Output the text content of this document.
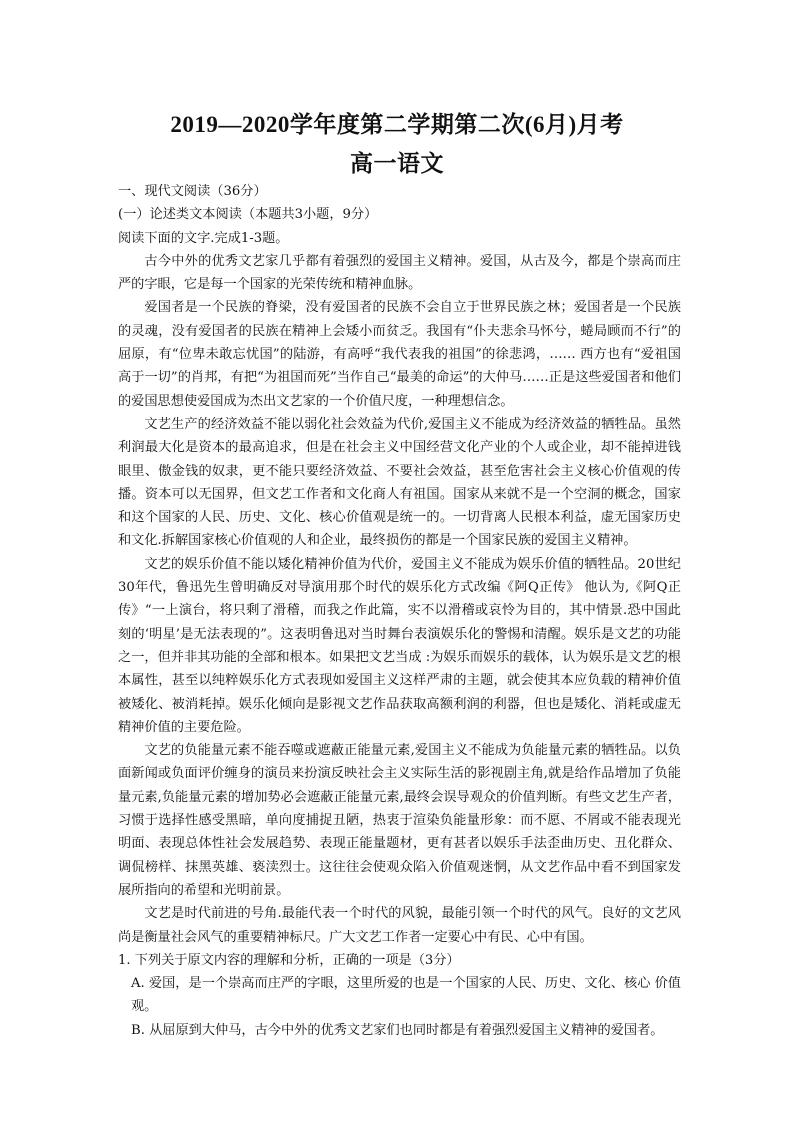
2019—2020学年度第二学期第二次(6月)月考
高一语文

一、现代文阅读（36分）

(一）论述类文本阅读（本题共3小题，9分）

阅读下面的文字.完成1-3题。

古今中外的优秀文艺家几乎都有着强烈的爱国主义精神。爱国，从古及今，都是个崇高而庄严的字眼，它是每一个国家的光荣传统和精神血脉。

爱国者是一个民族的脊梁，没有爱国者的民族不会自立于世界民族之林；爱国者是一个民族的灵魂，没有爱国者的民族在精神上会矮小而贫乏。我国有“仆夫悲余马怀兮，蜷局顾而不行”的屈原，有“位卑未敢忘忧国”的陆游，有高呼“我代表我的祖国”的徐悲鸿，…… 西方也有“爱祖国高于一切”的肖邦，有把“为祖国而死”当作自己“最美的命运”的大仲马……正是这些爱国者和他们的爱国思想使爱国成为杰出文艺家的一个价值尺度，一种理想信念。

文艺生产的经济效益不能以弱化社会效益为代价,爱国主义不能成为经济效益的牺牲品。虽然利润最大化是资本的最高追求，但是在社会主义中国经营文化产业的个人或企业，却不能掉进钱眼里、傲金钱的奴隶，更不能只要经济效益、不要社会效益，甚至危害社会主义核心价值观的传播。资本可以无国界，但文艺工作者和文化商人有祖国。国家从来就不是一个空洞的概念，国家和这个国家的人民、历史、文化、核心价值观是统一的。一切背离人民根本利益，虚无国家历史和文化.拆解国家核心价值观的人和企业，最终损伤的都是一个国家民族的爱国主义精神。

文艺的娱乐价值不能以矮化精神价值为代价，爱国主义不能成为娱乐价值的牺牲品。20世纪30年代，鲁迅先生曾明确反对导演用那个时代的娱乐化方式改编《阿Q正传》 他认为,《阿Q正传》“一上演台，将只剩了滑稽，而我之作此篇，实不以滑稽或哀怜为目的，其中情景.恐中国此刻的‘明星’是无法表现的”。这表明鲁迅对当时舞台表演娱乐化的警惕和清醒。娱乐是文艺的功能之一，但并非其功能的全部和根本。如果把文艺当成 :为娱乐而娱乐的载体，认为娱乐是文艺的根本属性，甚至以纯粹娱乐化方式表现如爱国主义这样严肃的主题，就会使其本应负载的精神价值被矮化、被消耗掉。娱乐化倾向是影视文艺作品获取高额利润的利器，但也是矮化、消耗或虚无精神价值的主要危险。

文艺的负能量元素不能吞噬或遮蔽正能量元素,爱国主义不能成为负能量元素的牺牲品。以负面新闻或负面评价缠身的演员来扮演反映社会主义实际生活的影视剧主角,就是给作品增加了负能量元素,负能量元素的增加势必会遮蔽正能量元素,最终会误导观众的价值判断。有些文艺生产者，习惯于选择性感受黑暗，单向度捕捉丑陋，热衷于渲染负能量形象：而不愿、不屑或不能表现光明面、表现总体性社会发展趋势、表现正能量题材，更有甚者以娱乐手法歪曲历史、丑化群众、调侃榜样、抹黑英雄、亵渎烈士。这往往会使观众陷入价值观迷惘，从文艺作品中看不到国家发展所指向的希望和光明前景。

文艺是时代前进的号角.最能代表一个时代的风貌，最能引领一个时代的风气。良好的文艺风尚是衡量社会风气的重要精神标尺。广大文艺工作者一定要心中有民、心中有国。

1. 下列关于原文内容的理解和分析，正确的一项是（3分）

A. 爱国，是一个崇高而庄严的字眼，这里所爱的也是一个国家的人民、历史、文化、核心 价值观。

B. 从屈原到大仲马，古今中外的优秀文艺家们也同时都是有着强烈爱国主义精神的爱国者。
